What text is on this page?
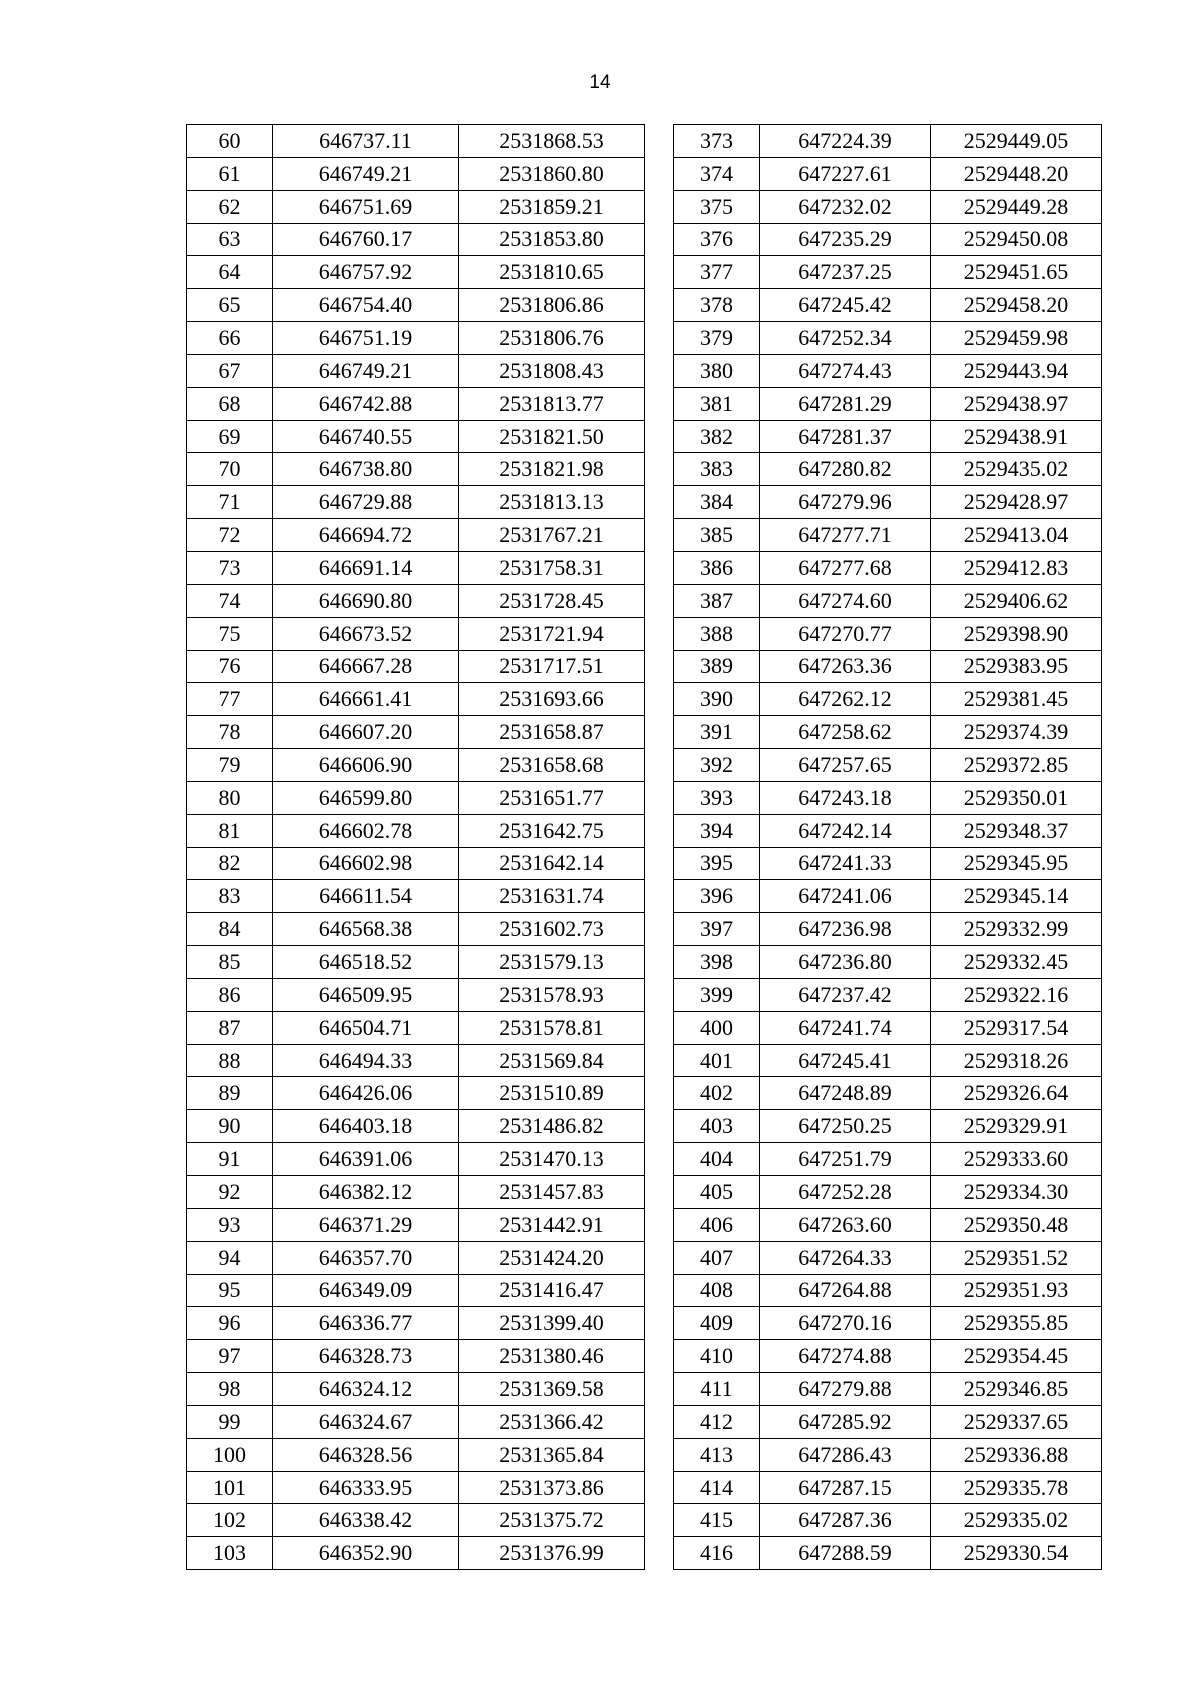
14
60	646737.11	2531868.53
61	646749.21	2531860.80
62	646751.69	2531859.21
63	646760.17	2531853.80
64	646757.92	2531810.65
65	646754.40	2531806.86
66	646751.19	2531806.76
67	646749.21	2531808.43
68	646742.88	2531813.77
69	646740.55	2531821.50
70	646738.80	2531821.98
71	646729.88	2531813.13
72	646694.72	2531767.21
73	646691.14	2531758.31
74	646690.80	2531728.45
75	646673.52	2531721.94
76	646667.28	2531717.51
77	646661.41	2531693.66
78	646607.20	2531658.87
79	646606.90	2531658.68
80	646599.80	2531651.77
81	646602.78	2531642.75
82	646602.98	2531642.14
83	646611.54	2531631.74
84	646568.38	2531602.73
85	646518.52	2531579.13
86	646509.95	2531578.93
87	646504.71	2531578.81
88	646494.33	2531569.84
89	646426.06	2531510.89
90	646403.18	2531486.82
91	646391.06	2531470.13
92	646382.12	2531457.83
93	646371.29	2531442.91
94	646357.70	2531424.20
95	646349.09	2531416.47
96	646336.77	2531399.40
97	646328.73	2531380.46
98	646324.12	2531369.58
99	646324.67	2531366.42
100	646328.56	2531365.84
101	646333.95	2531373.86
102	646338.42	2531375.72
103	646352.90	2531376.99
373	647224.39	2529449.05
374	647227.61	2529448.20
375	647232.02	2529449.28
376	647235.29	2529450.08
377	647237.25	2529451.65
378	647245.42	2529458.20
379	647252.34	2529459.98
380	647274.43	2529443.94
381	647281.29	2529438.97
382	647281.37	2529438.91
383	647280.82	2529435.02
384	647279.96	2529428.97
385	647277.71	2529413.04
386	647277.68	2529412.83
387	647274.60	2529406.62
388	647270.77	2529398.90
389	647263.36	2529383.95
390	647262.12	2529381.45
391	647258.62	2529374.39
392	647257.65	2529372.85
393	647243.18	2529350.01
394	647242.14	2529348.37
395	647241.33	2529345.95
396	647241.06	2529345.14
397	647236.98	2529332.99
398	647236.80	2529332.45
399	647237.42	2529322.16
400	647241.74	2529317.54
401	647245.41	2529318.26
402	647248.89	2529326.64
403	647250.25	2529329.91
404	647251.79	2529333.60
405	647252.28	2529334.30
406	647263.60	2529350.48
407	647264.33	2529351.52
408	647264.88	2529351.93
409	647270.16	2529355.85
410	647274.88	2529354.45
411	647279.88	2529346.85
412	647285.92	2529337.65
413	647286.43	2529336.88
414	647287.15	2529335.78
415	647287.36	2529335.02
416	647288.59	2529330.54
